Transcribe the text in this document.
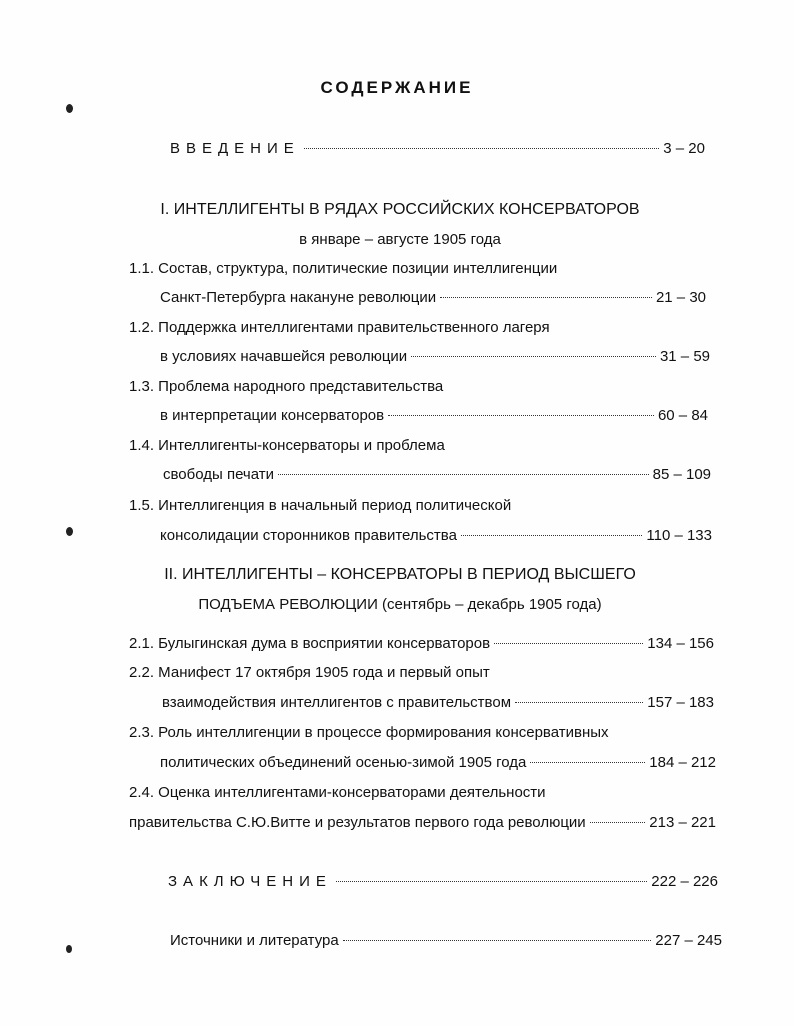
СОДЕРЖАНИЕ
ВВЕДЕНИЕ	3 – 20
I. ИНТЕЛЛИГЕНТЫ В РЯДАХ РОССИЙСКИХ КОНСЕРВАТОРОВ
в январе – августе 1905 года
1.1. Состав, структура, политические позиции интеллигенции
Санкт-Петербурга накануне революции	21 – 30
1.2. Поддержка интеллигентами правительственного лагеря
в условиях начавшейся революции	31 – 59
1.3. Проблема народного представительства
в интерпретации консерваторов	60 – 84
1.4. Интеллигенты-консерваторы и проблема
свободы печати	85 – 109
1.5. Интеллигенция в начальный период политической
консолидации сторонников правительства	110 – 133
II. ИНТЕЛЛИГЕНТЫ – КОНСЕРВАТОРЫ В ПЕРИОД ВЫСШЕГО
ПОДЪЕМА РЕВОЛЮЦИИ (сентябрь – декабрь 1905 года)
2.1. Булыгинская дума в восприятии консерваторов	134 – 156
2.2. Манифест 17 октября 1905 года и первый опыт
взаимодействия интеллигентов с правительством	157 – 183
2.3. Роль интеллигенции в процессе формирования консервативных
политических объединений осенью-зимой 1905 года	184 – 212
2.4. Оценка интеллигентами-консерваторами деятельности
правительства С.Ю.Витте и результатов первого года революции	213 – 221
ЗАКЛЮЧЕНИЕ	222 – 226
Источники и литература	227 – 245
